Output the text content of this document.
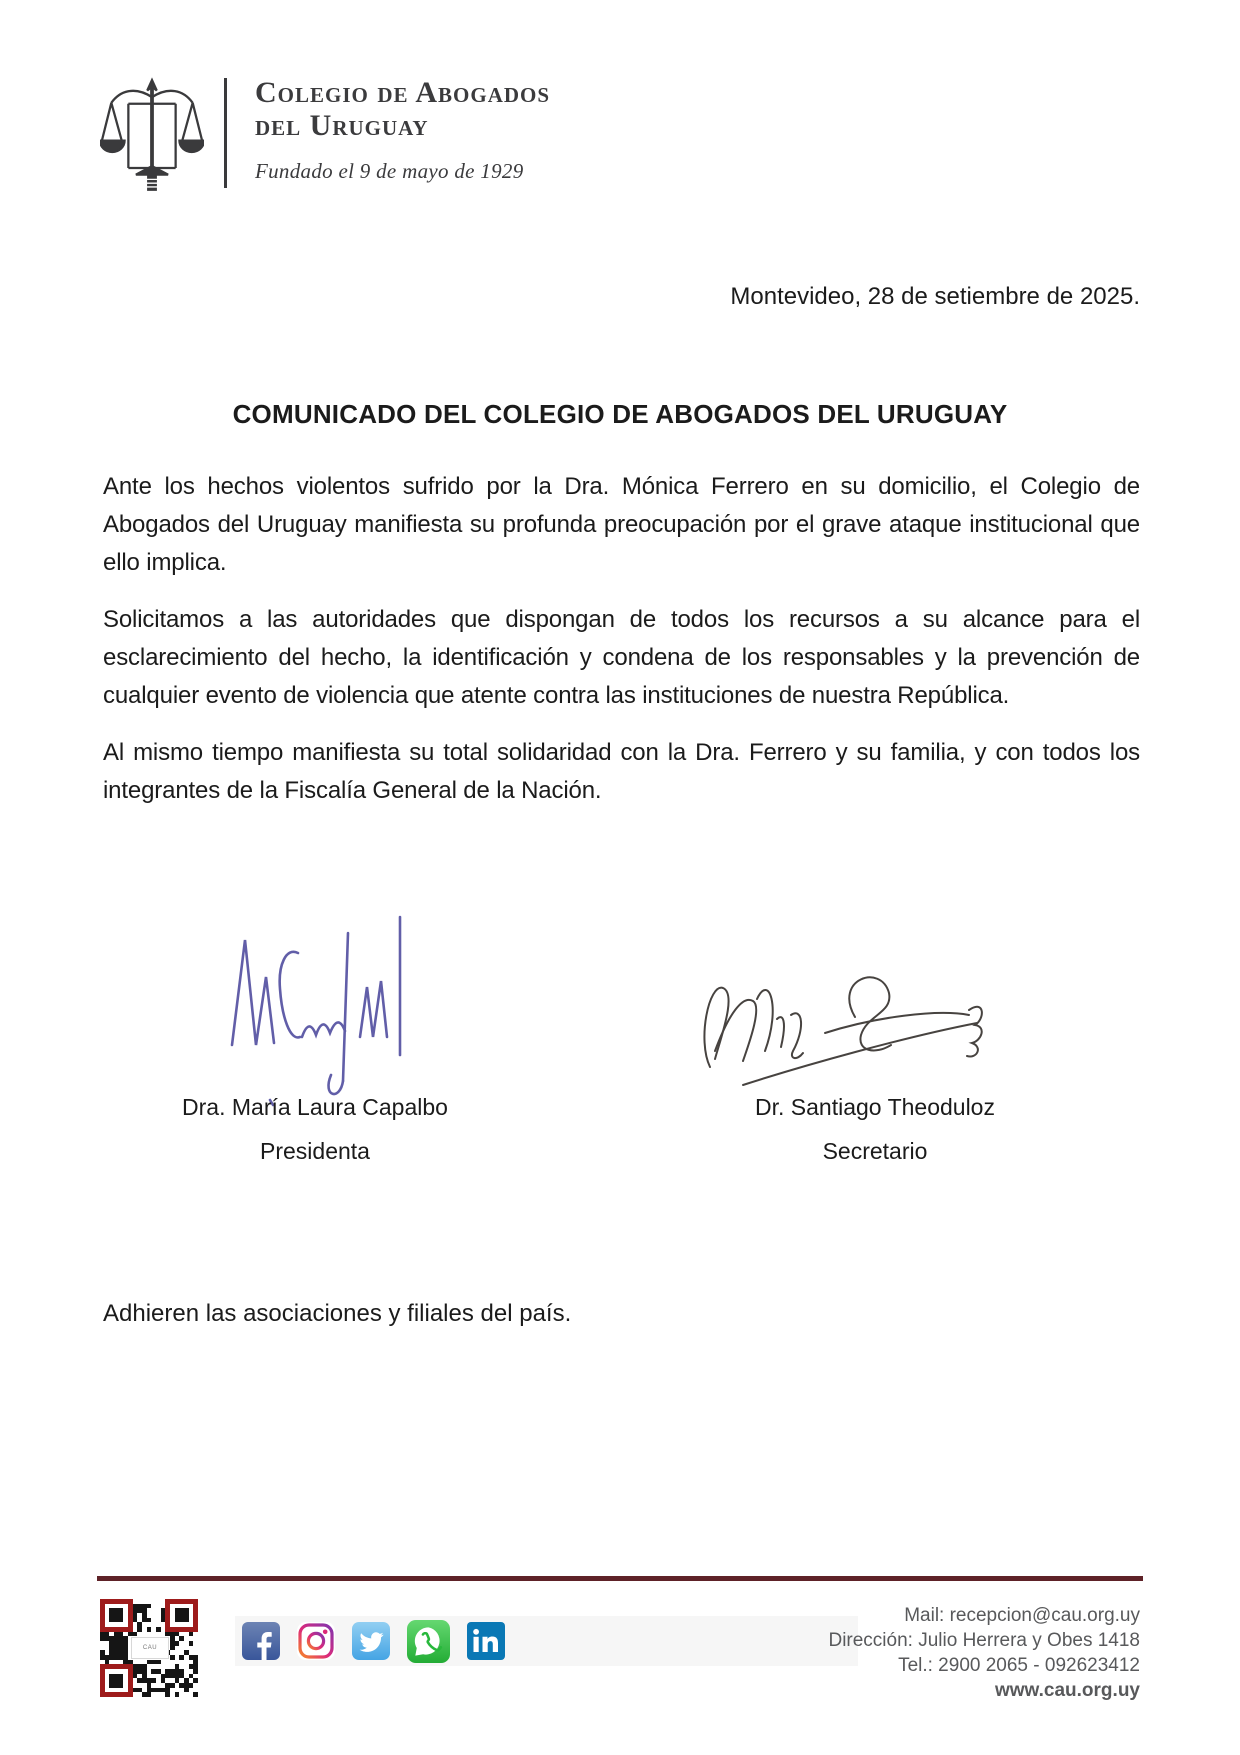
Colegio de Abogados
del Uruguay
Fundado el 9 de mayo de 1929
Montevideo, 28 de setiembre de 2025.
COMUNICADO DEL COLEGIO DE ABOGADOS DEL URUGUAY

Ante los hechos violentos sufrido por la Dra. Mónica Ferrero en su domicilio, el Colegio de Abogados del Uruguay manifiesta su profunda preocupación por el grave ataque institucional que ello implica.

Solicitamos a las autoridades que dispongan de todos los recursos a su alcance para el esclarecimiento del hecho, la identificación y condena de los responsables y la prevención de cualquier evento de violencia que atente contra las instituciones de nuestra República.

Al mismo tiempo manifiesta su total solidaridad con la Dra. Ferrero y su familia, y con todos los integrantes de la Fiscalía General de la Nación.

Dra. María Laura Capalbo
Presidenta
Dr. Santiago Theoduloz
Secretario
Adhieren las asociaciones y filiales del país.
CAU
Mail: recepcion@cau.org.uy
Dirección: Julio Herrera y Obes 1418
Tel.: 2900 2065 - 092623412
www.cau.org.uy
